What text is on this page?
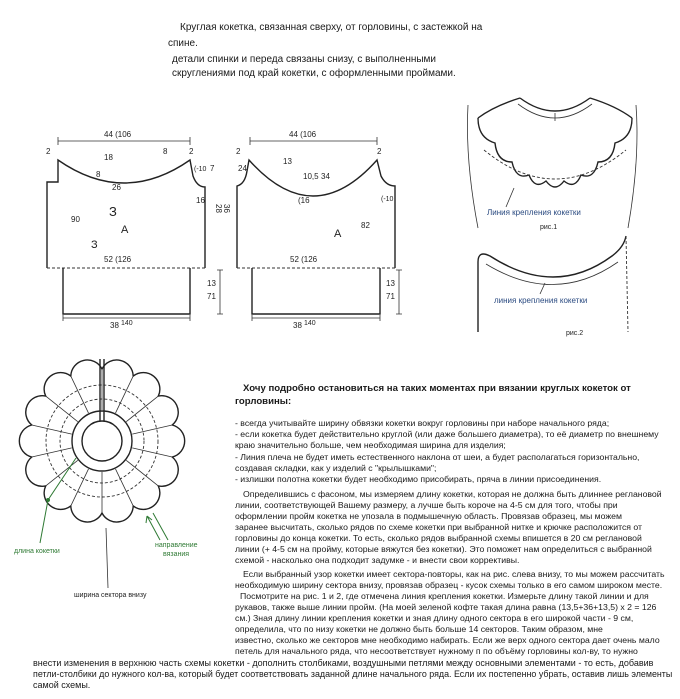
44 (106
2
18
8	2
8
26
З
А
90
З
(-10 7
16
28 36
52 (126
13
71
38 140
44 (106
2
24
13
10,5 34
(16
2
(-10
А
82
52 (126
13
71
38 140
Линия крепления кокетки
рис.1
линия крепления кокетки
рис.2
длина кокетки
направление
вязания
ширина сектора внизу
Круглая кокетка, связанная сверху, от горловины, с застежкой на
спине.
детали спинки и переда связаны снизу, с выполненными
скруглениями под край кокетки, с оформленными проймами.
Хочу подробно остановиться на таких моментах при вязании круглых кокеток от
горловины:
- всегда учитывайте ширину обвязки кокетки вокруг горловины при наборе начального ряда;
- если кокетка будет действительно круглой (или даже большего диаметра), то её диаметр по внешнему
краю значительно больше, чем необходимая ширина для изделия;
- Линия плеча не будет иметь естественного наклона от шеи, а будет располагаться горизонтально,
создавая складки, как у изделий с "крылышками";
- излишки полотна кокетки будет необходимо присобирать, пряча в линии присоединения.
Определившись с фасоном, мы измеряем длину кокетки, которая не должна быть длиннее реглановой
линии, соответствующей Вашему размеру, а лучше быть короче на 4-5 см для того, чтобы при
оформлении пройм кокетка не упозала в подмышечную область. Провязав образец, мы можем
заранее высчитать, сколько рядов по схеме кокетки при выбранной нитке и крючке расположится от
горловины до конца кокетки. То есть, сколько рядов выбранной схемы впишется в 20 см реглановой
линии (+ 4-5 см на пройму, которые вяжутся без кокетки). Это поможет нам определиться с выбранной
схемой - насколько она подходит задумке - и внести свои коррективы.
Если выбранный узор кокетки имеет сектора-повторы, как на рис. слева внизу, то мы можем рассчитать
необходимую ширину сектора внизу, провязав образец - кусок схемы только в его самом широком месте.
Посмотрите на рис. 1 и 2, где отмечена линия крепления кокетки. Измерьте длину такой линии и для
рукавов, также выше линии пройм. (На моей зеленой кофте такая длина равна (13,5+36+13,5) х 2 = 126
см.) Зная длину линии крепления кокетки и зная длину одного сектора в его широкой части - 9 см,
определила, что по низу кокетки не должно быть больше 14 секторов. Таким образом, мне
известно, сколько же секторов мне необходимо набирать. Если же верх одного сектора дает очень мало
петель для начального ряда, что несоответствует нужному п по объёму горловины кол-ву, то нужно
внести изменения в верхнюю часть схемы кокетки - дополнить столбиками, воздушными петлями между основными элементами - то есть, добавив
петли-столбики до нужного кол-ва, который будет соответствовать заданной длине начального ряда. Если их постепенно убрать, оставив лишь элементы
самой схемы.
